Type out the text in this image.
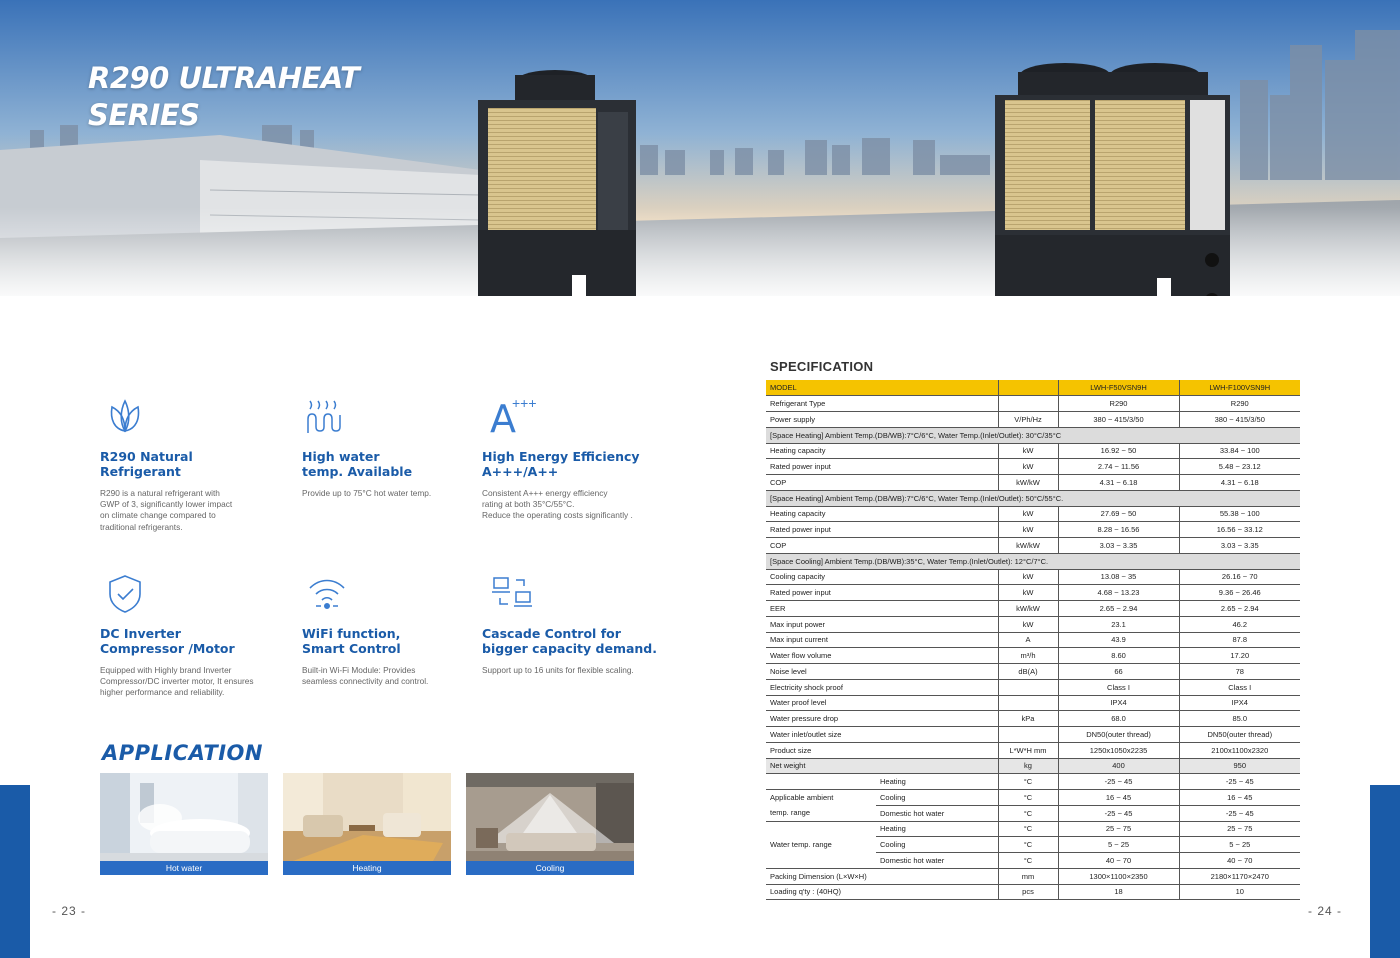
R290 ULTRAHEAT
SERIES
R290 Natural
Refrigerant
R290 is a natural refrigerant with
GWP of 3, significantly lower impact
on climate change compared to
traditional refrigerants.
High water
temp. Available
Provide up to 75°C hot water temp.
A
+++
High Energy Efficiency
A+++/A++
Consistent A+++ energy efficiency
rating at both 35°C/55°C.
Reduce the operating costs significantly .
DC Inverter
Compressor /Motor
Equipped with Highly brand Inverter
Compressor/DC inverter motor, It ensures
higher performance and reliability.
WiFi function,
Smart Control
Built-in Wi-Fi Module: Provides
seamless connectivity and control.
Cascade Control for
bigger capacity demand.
Support up to 16 units for flexible scaling.
APPLICATION
Hot water	Heating	Cooling
- 23 -	- 24 -
SPECIFICATION
MODEL			LWH-F50VSN9H	LWH-F100VSN9H
Refrigerant Type			R290	R290
Power supply		V/Ph/Hz	380 ~ 415/3/50	380 ~ 415/3/50
[Space Heating] Ambient Temp.(DB/WB):7°C/6°C, Water Temp.(Inlet/Outlet): 30°C/35°C				
Heating capacity		kW	16.92 ~ 50	33.84 ~ 100
Rated power input		kW	2.74 ~ 11.56	5.48 ~ 23.12
COP		kW/kW	4.31 ~ 6.18	4.31 ~ 6.18
[Space Heating] Ambient Temp.(DB/WB):7°C/6°C, Water Temp.(Inlet/Outlet): 50°C/55°C.				
Heating capacity		kW	27.69 ~ 50	55.38 ~ 100
Rated power input		kW	8.28 ~ 16.56	16.56 ~ 33.12
COP		kW/kW	3.03 ~ 3.35	3.03 ~ 3.35
[Space Cooling] Ambient Temp.(DB/WB):35°C, Water Temp.(Inlet/Outlet): 12°C/7°C.				
Cooling capacity		kW	13.08 ~ 35	26.16 ~ 70
Rated power input		kW	4.68 ~ 13.23	9.36 ~ 26.46
EER		kW/kW	2.65 ~ 2.94	2.65 ~ 2.94
Max input power		kW	23.1	46.2
Max input current		A	43.9	87.8
Water flow volume		m³/h	8.60	17.20
Noise level		dB(A)	66	78
Electricity shock proof			Class I	Class I
Water proof level			IPX4	IPX4
Water pressure drop		kPa	68.0	85.0
Water inlet/outlet size			DN50(outer thread)	DN50(outer thread)
Product size		L*W*H mm	1250x1050x2235	2100x1100x2320
Net weight		kg	400	950
	Heating	°C	-25 ~ 45	-25 ~ 45
Applicable ambient	Cooling	°C	16 ~ 45	16 ~ 45
temp. range	Domestic hot water	°C	-25 ~ 45	-25 ~ 45
	Heating	°C	25 ~ 75	25 ~ 75
Water temp. range	Cooling	°C	5 ~ 25	5 ~ 25
	Domestic hot water	°C	40 ~ 70	40 ~ 70
Packing Dimension (L×W×H)		mm	1300×1100×2350	2180×1170×2470
Loading q'ty : (40HQ)		pcs	18	10
